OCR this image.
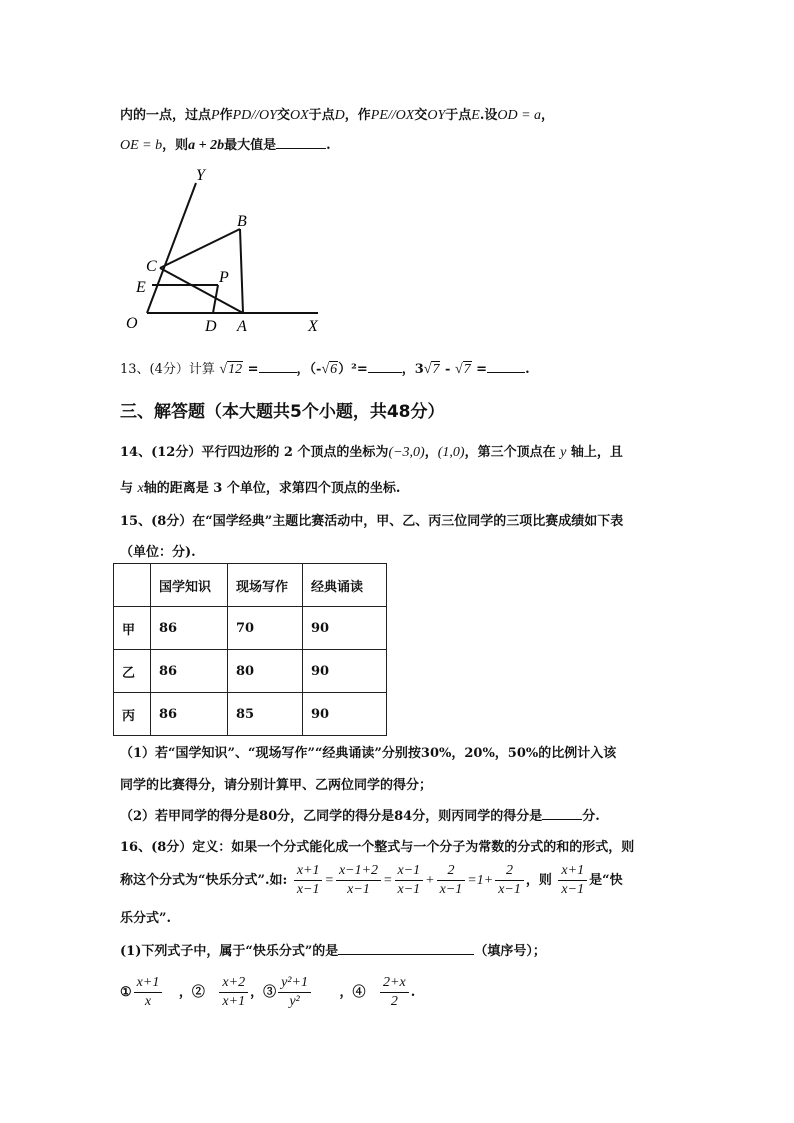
内的一点，过点P作PD//OY交OX于点D，作PE//OX交OY于点E.设OD = a，
OE = b，则a + 2b最大值是	.
Y
B
C
P
E
O	D A	X
13、(4分）计算 √12 =	，（-√6）²=	，3√7 - √7 =	.
三、解答题（本大题共5个小题，共48分）
14、(12分）平行四边形的 2 个顶点的坐标为(−3,0)，(1,0)，第三个顶点在 y 轴上，且
与 x轴的距离是 3 个单位，求第四个顶点的坐标.
15、(8分）在“国学经典”主题比赛活动中，甲、乙、丙三位同学的三项比赛成绩如下表
（单位：分).
	国学知识	现场写作	经典诵读
甲	86	70	90
乙	86	80	90
丙	86	85	90
（1）若“国学知识”、“现场写作”“经典诵读”分别按30%，20%，50%的比例计入该
同学的比赛得分，请分别计算甲、乙两位同学的得分；
（2）若甲同学的得分是80分，乙同学的得分是84分，则丙同学的得分是	分.
16、(8分）定义：如果一个分式能化成一个整式与一个分子为常数的分式的和的形式，则
称这个分式为“快乐分式”.如: $\frac{x+1}{x-1} = \frac{x-1+2}{x-1} = \frac{x-1}{x-1} + \frac{2}{x-1} =1+ \frac{2}{x-1}$ ，则 $\frac{x+1}{x-1}$ 是“快
乐分式”.
(1)下列式子中，属于“快乐分式”的是	（填序号）；
① $\frac{x+1}{x}$ ，② $\frac{x+2}{x+1}$ ，③ $\frac{\text{y²+1}}{\text{y²}}$ ，④ $\frac{2+x}{2}$ .
